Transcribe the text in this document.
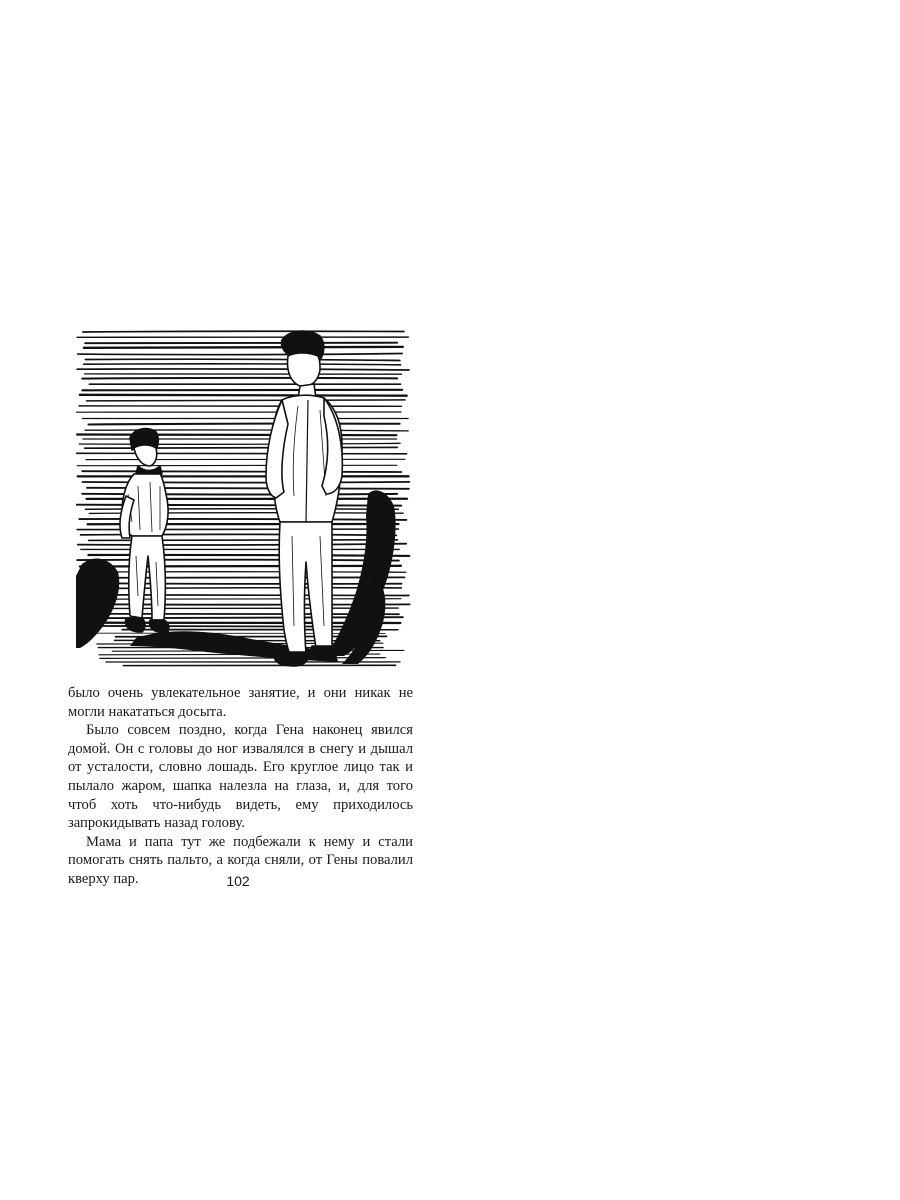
было очень увлекательное занятие, и они никак не могли накататься досыта.

Было совсем поздно, когда Гена наконец явился домой. Он с головы до ног извалялся в снегу и дышал от усталости, словно лошадь. Его круглое лицо так и пылало жаром, шапка налезла на глаза, и, для того чтоб хоть что-нибудь видеть, ему приходилось запрокидывать назад голову.

Мама и папа тут же подбежали к нему и стали помогать снять пальто, а когда сняли, от Гены повалил кверху пар.	102
